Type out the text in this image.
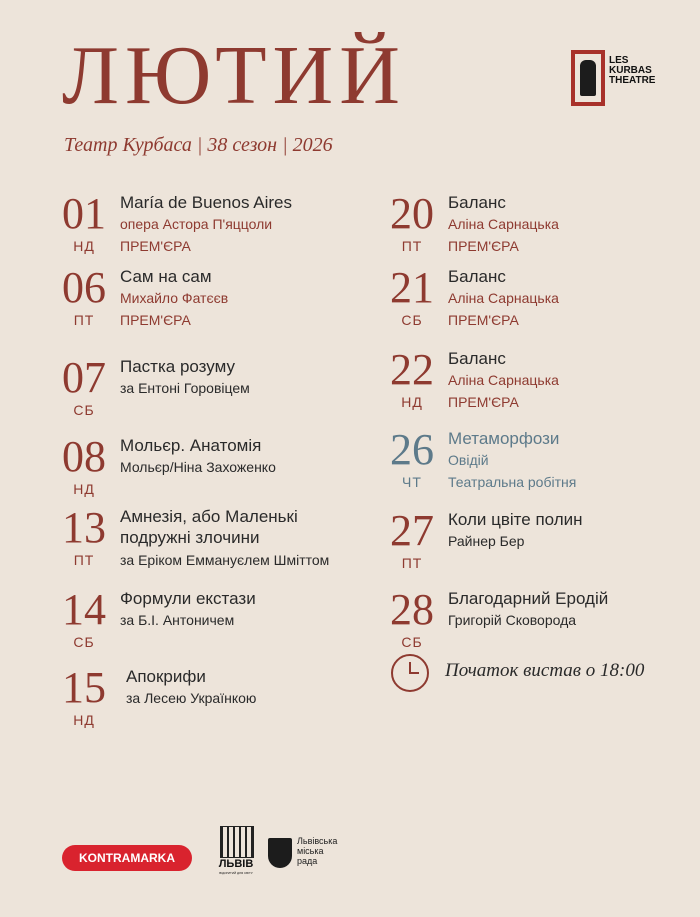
ЛЮТИЙ
Театр Курбаса | 38 сезон | 2026
LES
KURBAS
THEATRE
01
НД
María de Buenos Aires
опера Астора П'яццоли
ПРЕМ'ЄРА
06
ПТ
Сам на сам
Михайло Фатєєв
ПРЕМ'ЄРА
07
СБ
Пастка розуму
за Ентоні Горовіцем
08
НД
Мольєр. Анатомія
Мольєр/Ніна Захоженко
13
ПТ
Амнезія, або Маленькі подружні злочини
за Еріком Еммануєлем Шміттом
14
СБ
Формули екстази
за Б.І. Антоничем
15
НД
Апокрифи
за Лесею Українкою
20
ПТ
Баланс
Аліна Сарнацька
ПРЕМ'ЄРА
21
СБ
Баланс
Аліна Сарнацька
ПРЕМ'ЄРА
22
НД
Баланс
Аліна Сарнацька
ПРЕМ'ЄРА
26
ЧТ
Метаморфози
Овідій
Театральна робітня
27
ПТ
Коли цвіте полин
Райнер Бер
28
СБ
Благодарний Еродій
Григорій Сковорода
Початок вистав о 18:00
KONTRAMARKA	ЛЬВІВ
ВІДКРИТИЙ ДЛЯ СВІТУ
Львівська міська рада
